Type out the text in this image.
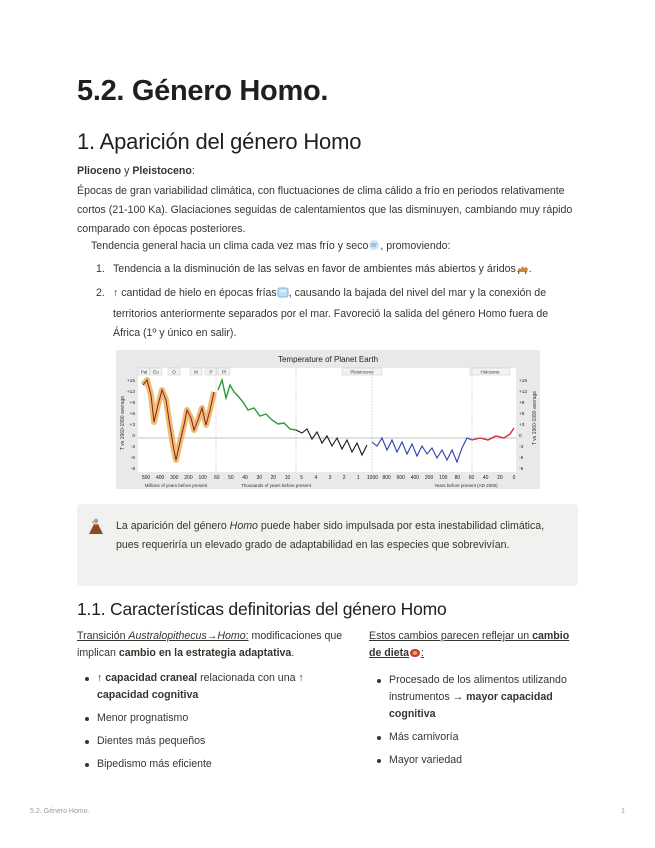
5.2. Género Homo.
1. Aparición del género Homo

Plioceno y Pleistoceno:

Épocas de gran variabilidad climática, con fluctuaciones de clima cálido a frío en periodos relativamente cortos (21-100 Ka). Glaciaciones seguidas de calentamientos que las disminuyen, cambiando muy rápido comparado con épocas posteriores.

Tendencia general hacia un clima cada vez mas frío y seco , promoviendo:

1. Tendencia a la disminución de las selvas en favor de ambientes más abiertos y áridos .
2. ↑ cantidad de hielo en épocas frías , causando la bajada del nivel del mar y la conexión de territorios anteriormente separados por el mar. Favoreció la salida del género Homo fuera de África (1º y único en salir).
Temperature of Planet Earth
Pal Eo	O	M	P Pl	Pleistocene	Holocene
500 400 300 200 100 60 50 40 30 20 10 5 4 3 2 1 1000 800 600 400 200 100 80 60 40 20 0
+15	+15
+12	+12
+9	+9
+6	+6
+3	+3
0	0
-3	-3
-6	-6
-9	-9
T vs 1960-1990 average	T vs 1960-1990 average
Millions of years before present	Thousands of years before present	Years before present (AD 2000)
La aparición del género Homo puede haber sido impulsada por esta inestabilidad climática, pues requeriría un elevado grado de adaptabilidad en las especies que sobrevivían.
1.1. Características definitorias del género Homo
Transición Australopithecus→Homo: modificaciones que implican cambio en la estrategia adaptativa.
↑ capacidad craneal relacionada con una ↑ capacidad cognitiva
Menor prognatismo
Dientes más pequeños
Bipedismo más eficiente
Estos cambios parecen reflejar un cambio de dieta :
Procesado de los alimentos utilizando instrumentos → mayor capacidad cognitiva
Más carnivoría
Mayor variedad
5.2. Género Homo.	1
